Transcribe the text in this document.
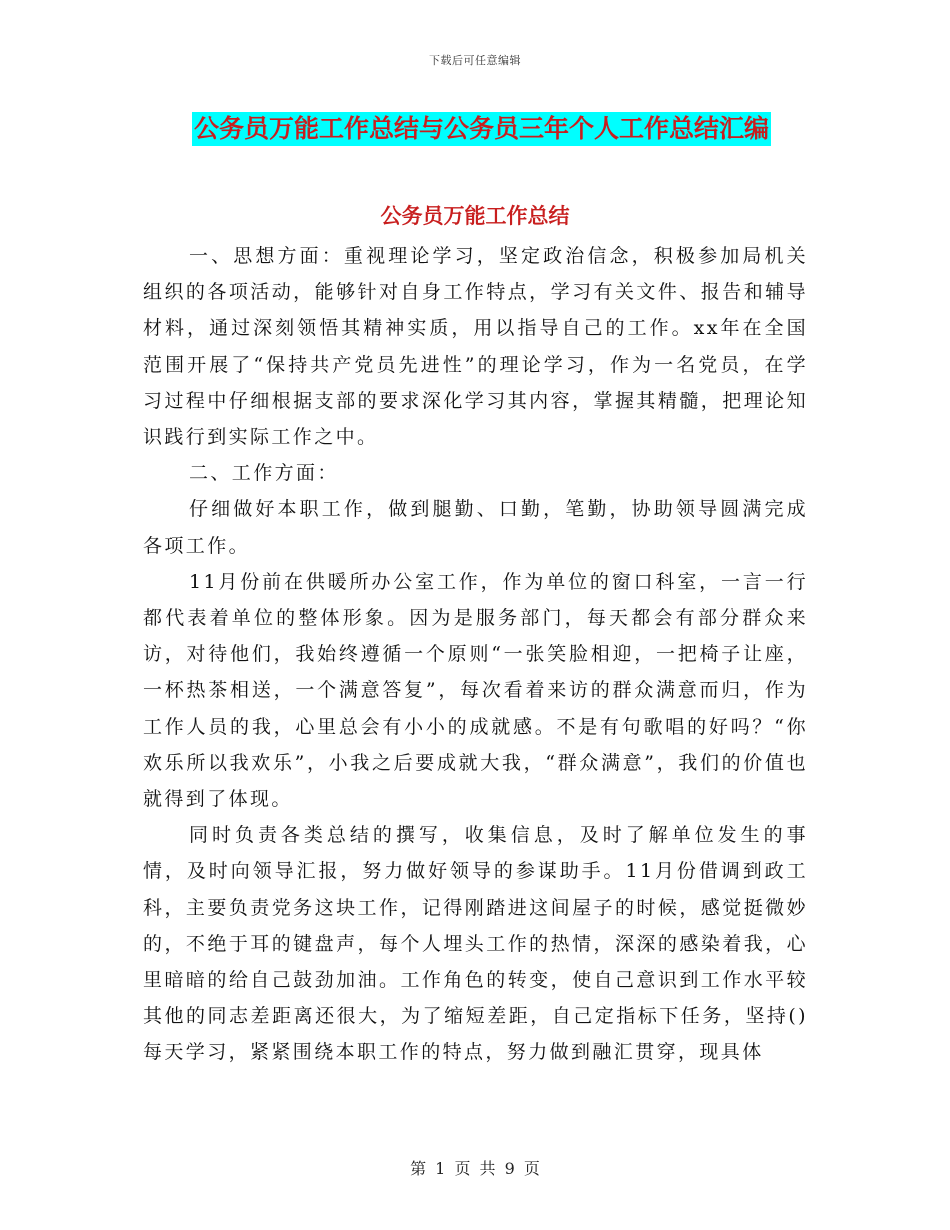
下载后可任意编辑
公务员万能工作总结与公务员三年个人工作总结汇编
公务员万能工作总结

一、思想方面：重视理论学习，坚定政治信念，积极参加局机关组织的各项活动，能够针对自身工作特点，学习有关文件、报告和辅导材料，通过深刻领悟其精神实质，用以指导自己的工作。xx年在全国范围开展了“保持共产党员先进性”的理论学习，作为一名党员，在学习过程中仔细根据支部的要求深化学习其内容，掌握其精髓，把理论知识践行到实际工作之中。

二、工作方面：

仔细做好本职工作，做到腿勤、口勤，笔勤，协助领导圆满完成各项工作。

11月份前在供暖所办公室工作，作为单位的窗口科室，一言一行都代表着单位的整体形象。因为是服务部门，每天都会有部分群众来访，对待他们，我始终遵循一个原则“一张笑脸相迎，一把椅子让座，一杯热茶相送，一个满意答复”，每次看着来访的群众满意而归，作为工作人员的我，心里总会有小小的成就感。不是有句歌唱的好吗？“你欢乐所以我欢乐”，小我之后要成就大我，“群众满意”，我们的价值也就得到了体现。

同时负责各类总结的撰写，收集信息，及时了解单位发生的事情，及时向领导汇报，努力做好领导的参谋助手。11月份借调到政工科，主要负责党务这块工作，记得刚踏进这间屋子的时候，感觉挺微妙的，不绝于耳的键盘声，每个人埋头工作的热情，深深的感染着我，心里暗暗的给自己鼓劲加油。工作角色的转变，使自己意识到工作水平较其他的同志差距离还很大，为了缩短差距，自己定指标下任务，坚持()每天学习，紧紧围绕本职工作的特点，努力做到融汇贯穿，现具体

第 1 页 共 9 页
